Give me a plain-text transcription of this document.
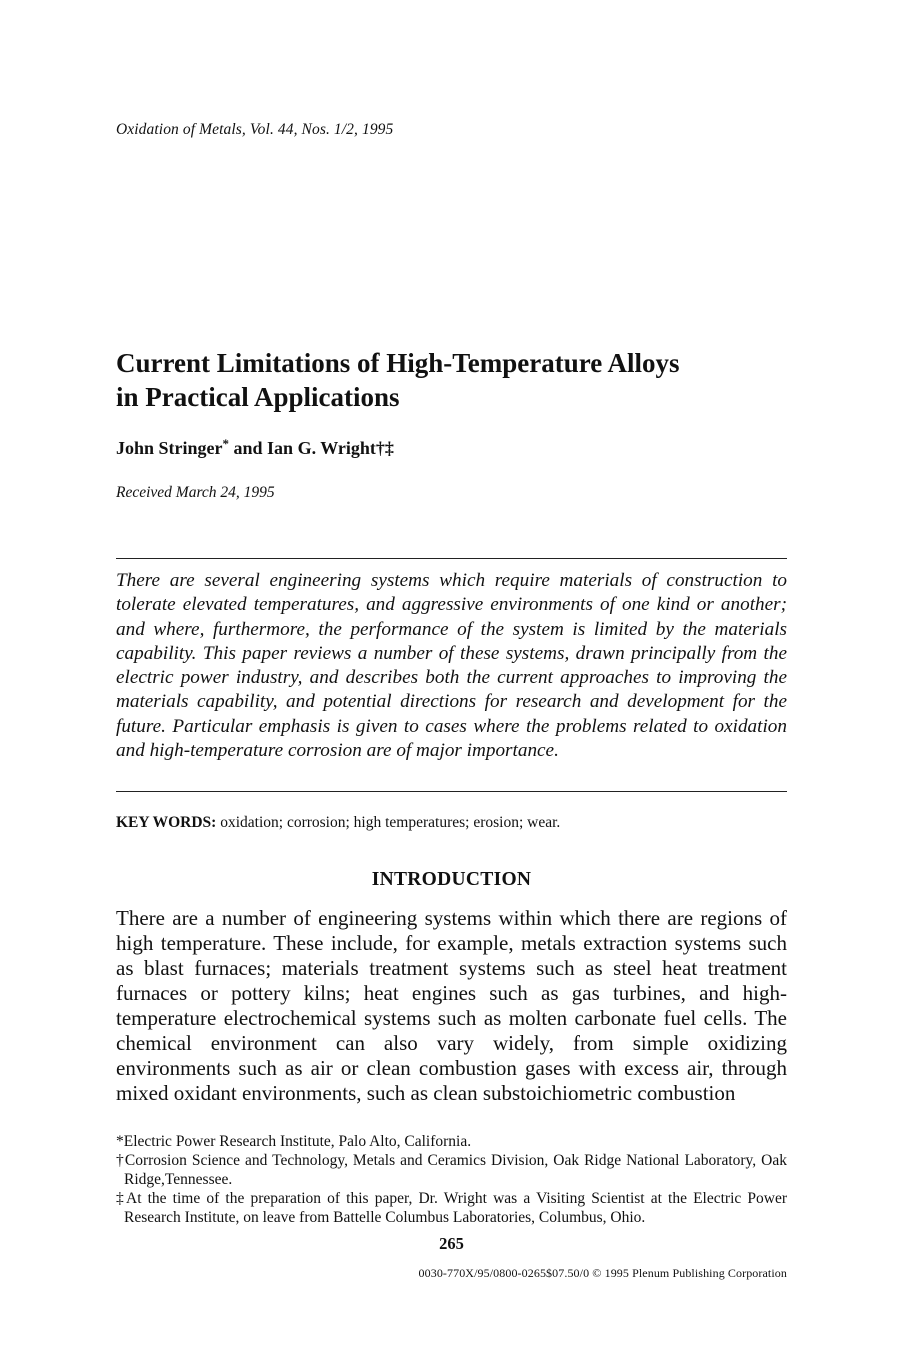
Oxidation of Metals, Vol. 44, Nos. 1/2, 1995
Current Limitations of High-Temperature Alloys
in Practical Applications
John Stringer* and Ian G. Wright†‡
Received March 24, 1995

There are several engineering systems which require materials of construction to tolerate elevated temperatures, and aggressive environments of one kind or another; and where, furthermore, the performance of the system is limited by the materials capability. This paper reviews a number of these systems, drawn principally from the electric power industry, and describes both the current approaches to improving the materials capability, and potential directions for research and development for the future. Particular emphasis is given to cases where the problems related to oxidation and high-temperature corrosion are of major importance.

KEY WORDS: oxidation; corrosion; high temperatures; erosion; wear.
INTRODUCTION

There are a number of engineering systems within which there are regions of high temperature. These include, for example, metals extraction systems such as blast furnaces; materials treatment systems such as steel heat treatment furnaces or pottery kilns; heat engines such as gas turbines, and high-temperature electrochemical systems such as molten carbonate fuel cells. The chemical environment can also vary widely, from simple oxidizing environments such as air or clean combustion gases with excess air, through mixed oxidant environments, such as clean substoichiometric combustion

*Electric Power Research Institute, Palo Alto, California.
†Corrosion Science and Technology, Metals and Ceramics Division, Oak Ridge National Laboratory, Oak Ridge,Tennessee.
‡At the time of the preparation of this paper, Dr. Wright was a Visiting Scientist at the Electric Power Research Institute, on leave from Battelle Columbus Laboratories, Columbus, Ohio.
265
0030-770X/95/0800-0265$07.50/0 © 1995 Plenum Publishing Corporation
